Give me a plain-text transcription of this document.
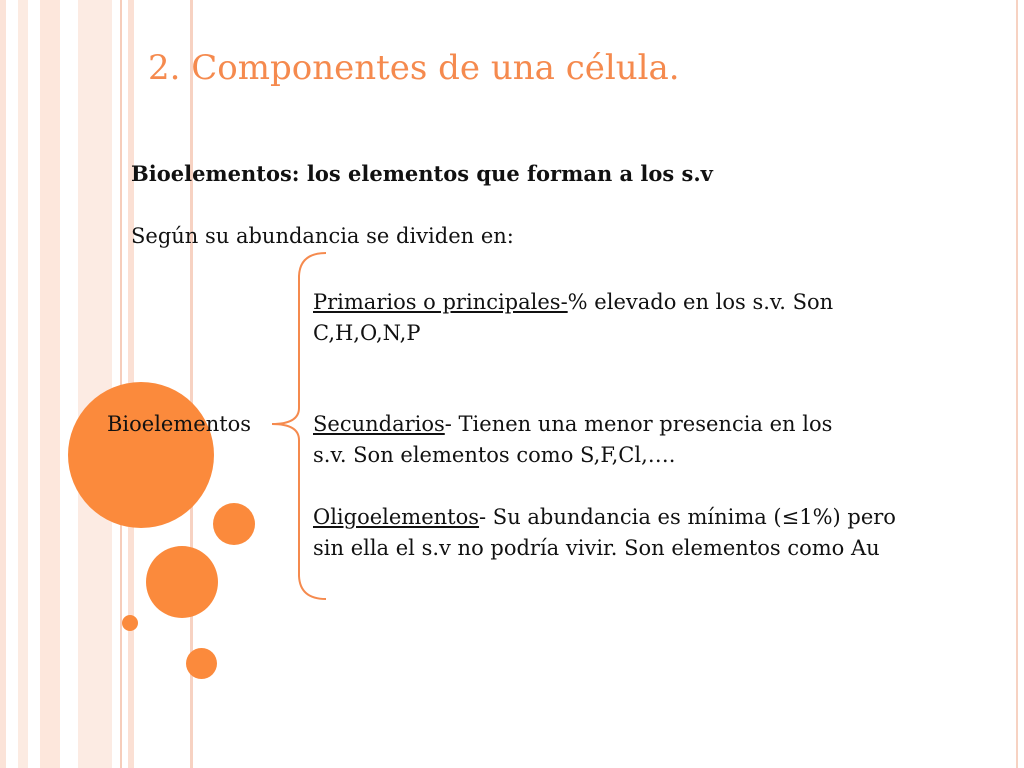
2. Componentes de una célula.

Bioelementos: los elementos que forman a los s.v

Según su abundancia se dividen en:

Bioelementos

Primarios o principales-% elevado en los s.v. Son
C,H,O,N,P
Secundarios- Tienen una menor presencia en los
s.v. Son elementos como S,F,Cl,….
Oligoelementos- Su abundancia es mínima (≤1%) pero
sin ella el s.v no podría vivir. Son elementos como Au
